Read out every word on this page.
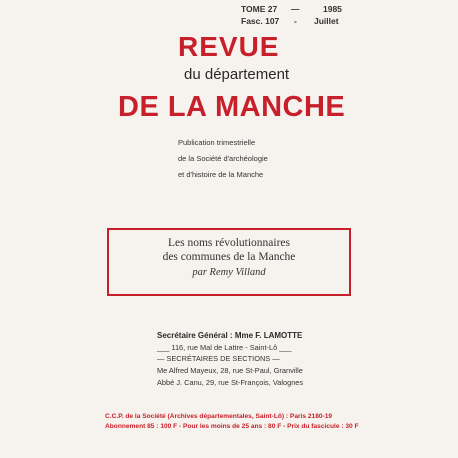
TOME 27 —	1985
Fasc. 107 - Juillet
REVUE
du département
DE LA MANCHE
Publication trimestrielle
de la Société d'archéologie
et d'histoire de la Manche
Les noms révolutionnaires
des communes de la Manche
par Remy Villand
Secrétaire Général : Mme F. LAMOTTE
___ 116, rue Mal de Lattre - Saint-Lô ___
— SECRÉTAIRES DE SECTIONS —
Me Alfred Mayeux, 28, rue St-Paul, Granville
Abbé J. Canu, 29, rue St-François, Valognes
C.C.P. de la Société (Archives départementales, Saint-Lô) : Paris 2180-19
Abonnement 85 : 100 F - Pour les moins de 25 ans : 80 F - Prix du fascicule : 30 F
